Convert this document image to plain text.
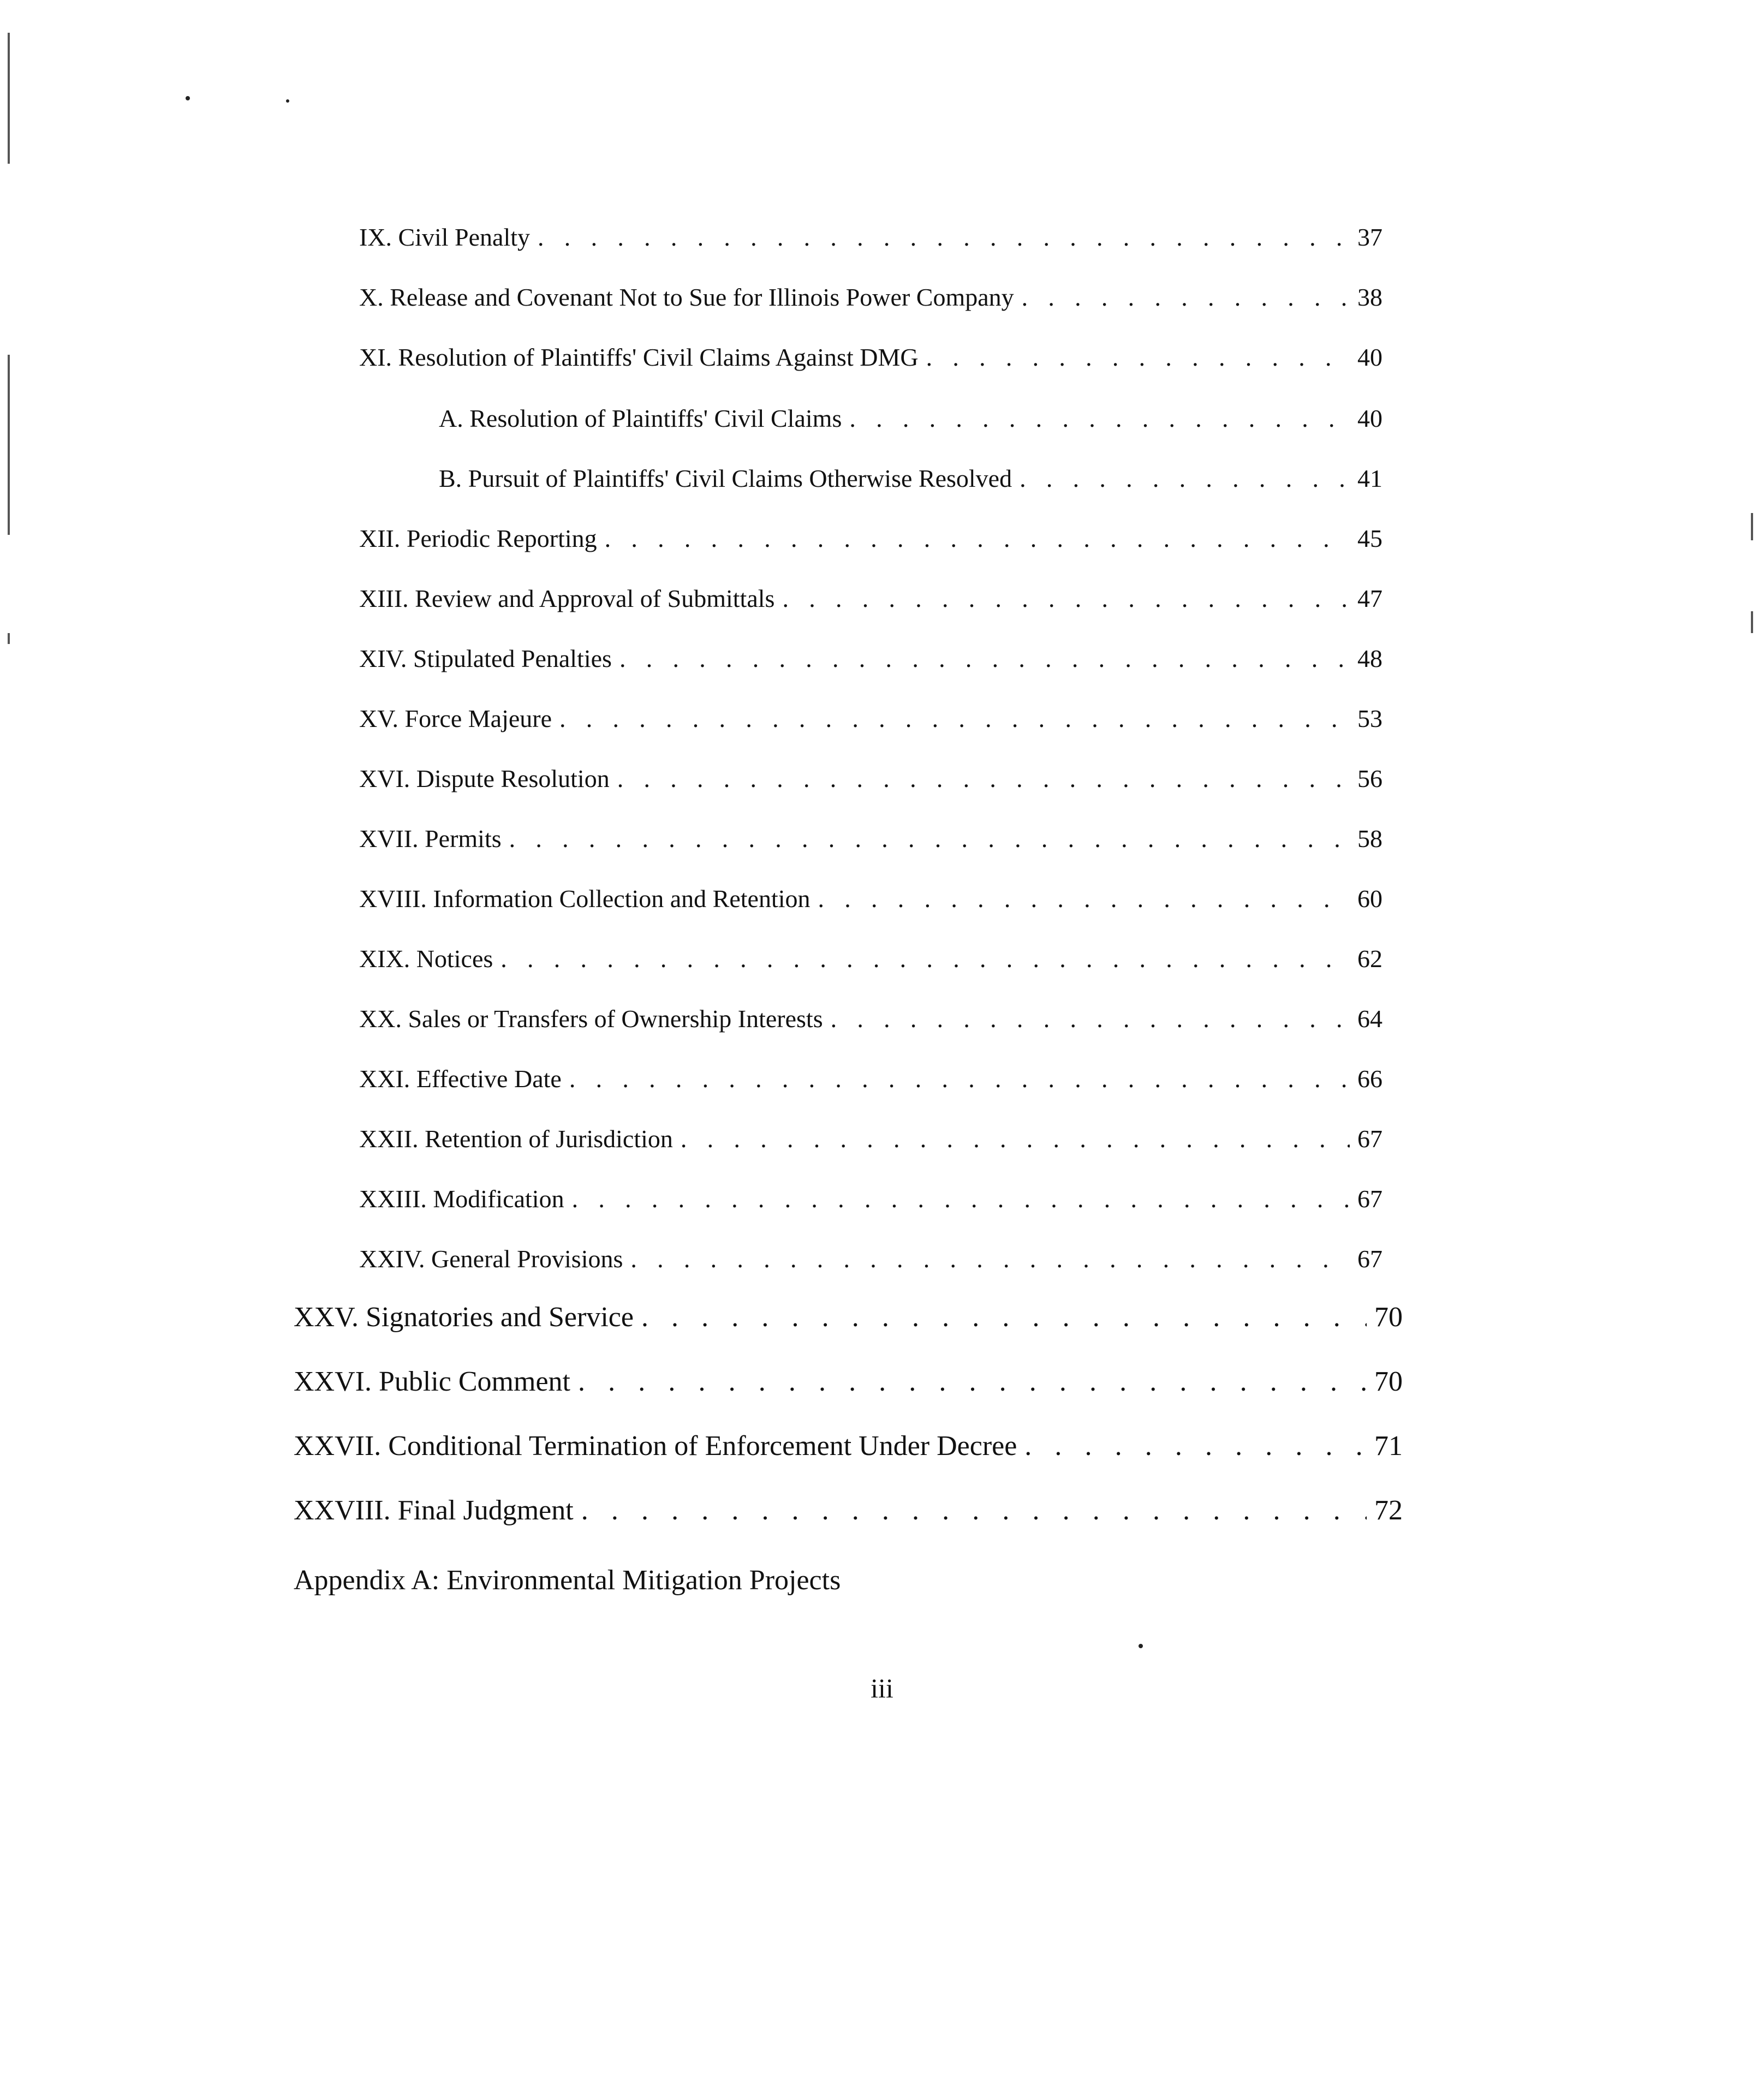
IX. Civil Penalty . . .	37
X. Release and Covenant Not to Sue for Illinois Power Company . . .	38
XI. Resolution of Plaintiffs' Civil Claims Against DMG . . .	40
A. Resolution of Plaintiffs' Civil Claims . . .	40
B. Pursuit of Plaintiffs' Civil Claims Otherwise Resolved . . .	41
XII. Periodic Reporting . . .	45
XIII. Review and Approval of Submittals . . .	47
XIV. Stipulated Penalties . . .	48
XV. Force Majeure . . .	53
XVI. Dispute Resolution . . .	56
XVII. Permits . . .	58
XVIII. Information Collection and Retention . . .	60
XIX. Notices . . .	62
XX. Sales or Transfers of Ownership Interests . . .	64
XXI. Effective Date . . .	66
XXII. Retention of Jurisdiction . . .	67
XXIII. Modification . . .	67
XXIV. General Provisions . . .	67
XXV. Signatories and Service . . .	70
XXVI. Public Comment . . .	70
XXVII. Conditional Termination of Enforcement Under Decree . . .	71
XXVIII. Final Judgment . . .	72
Appendix A: Environmental Mitigation Projects
iii
